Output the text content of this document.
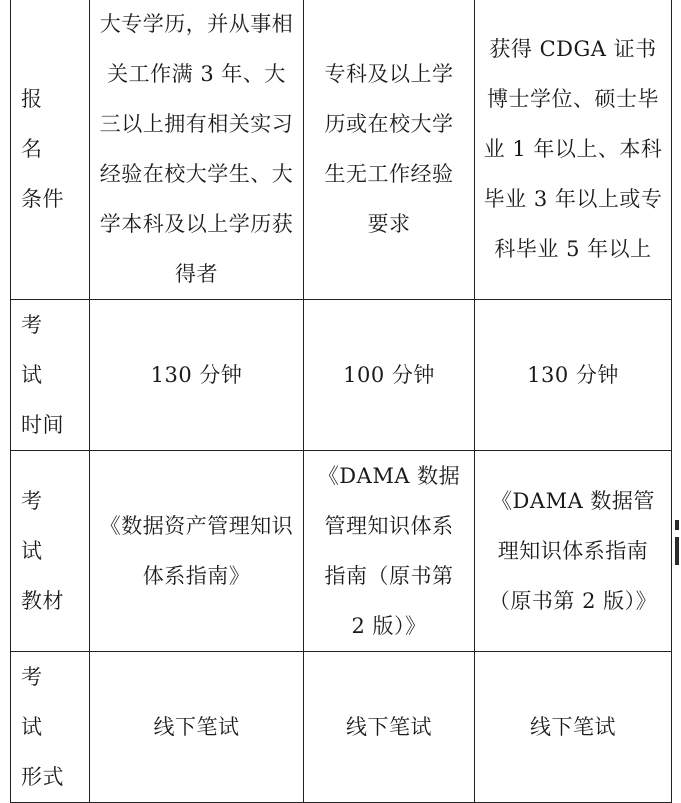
报 名
条件	大专学历，并从事相关工作满 3 年、大三以上拥有相关实习经验在校大学生、大学本科及以上学历获得者	专科及以上学历或在校大学生无工作经验要求	获得 CDGA 证书博士学位、硕士毕业 1 年以上、本科毕业 3 年以上或专科毕业 5 年以上

考 试
时间	130 分钟	100 分钟	130 分钟

考 试
教材	《数据资产管理知识体系指南》	《DAMA 数据管理知识体系指南（原书第 2 版）》	《DAMA 数据管理知识体系指南（原书第 2 版）》

考 试
形式	线下笔试	线下笔试	线下笔试
